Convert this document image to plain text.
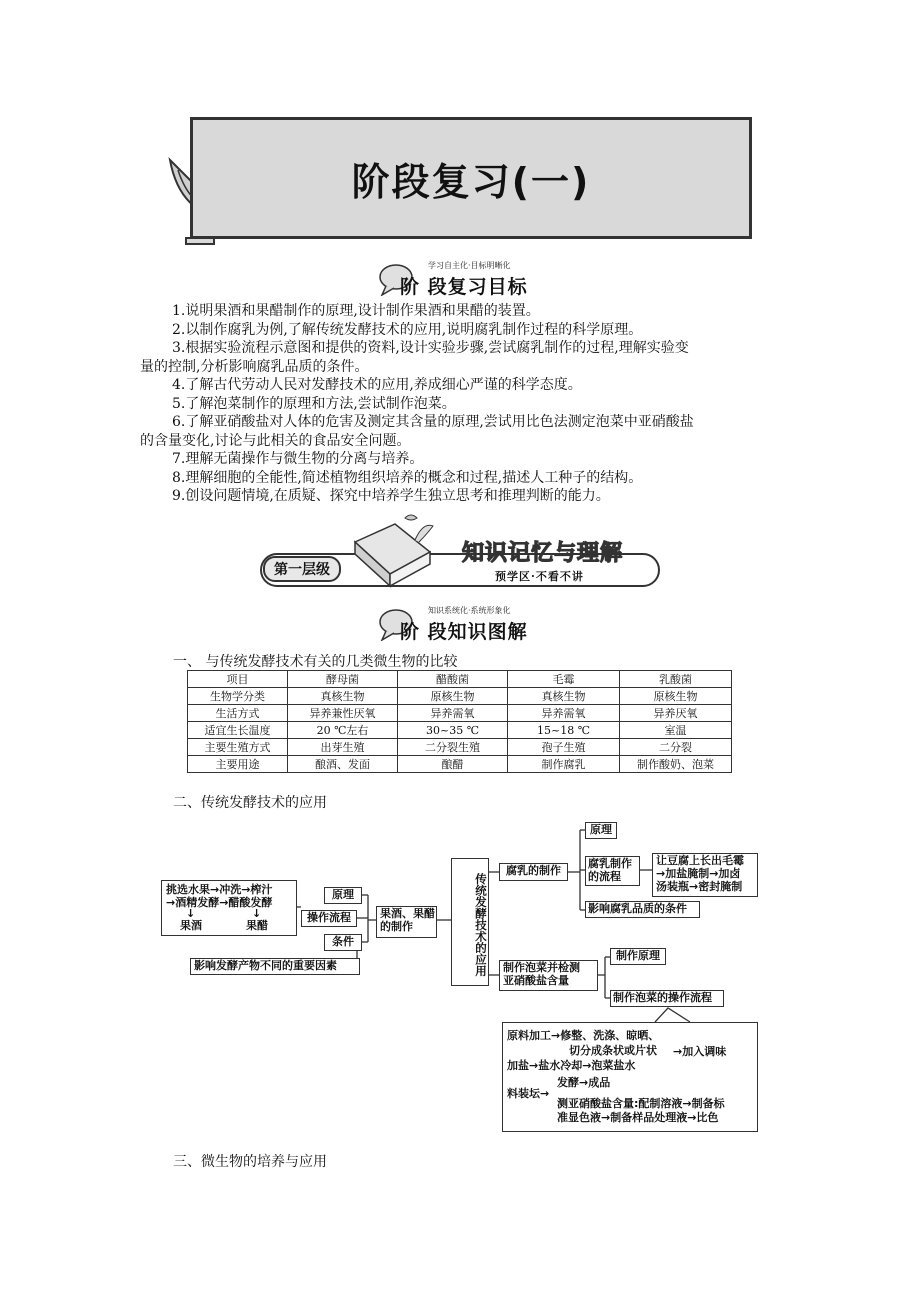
阶段复习(一)
学习自主化·目标明晰化
阶 段复习目标

1.说明果酒和果醋制作的原理,设计制作果酒和果醋的装置。

2.以制作腐乳为例,了解传统发酵技术的应用,说明腐乳制作过程的科学原理。

3.根据实验流程示意图和提供的资料,设计实验步骤,尝试腐乳制作的过程,理解实验变

量的控制,分析影响腐乳品质的条件。

4.了解古代劳动人民对发酵技术的应用,养成细心严谨的科学态度。

5.了解泡菜制作的原理和方法,尝试制作泡菜。

6.了解亚硝酸盐对人体的危害及测定其含量的原理,尝试用比色法测定泡菜中亚硝酸盐

的含量变化,讨论与此相关的食品安全问题。

7.理解无菌操作与微生物的分离与培养。

8.理解细胞的全能性,简述植物组织培养的概念和过程,描述人工种子的结构。

9.创设问题情境,在质疑、探究中培养学生独立思考和推理判断的能力。

第一层级
知识记忆与理解
预学区·不看不讲
知识系统化·系统形象化
阶 段知识图解
一、 与传统发酵技术有关的几类微生物的比较
项目	酵母菌	醋酸菌	毛霉	乳酸菌
生物学分类	真核生物	原核生物	真核生物	原核生物
生活方式	异养兼性厌氧	异养需氧	异养需氧	异养厌氧
适宜生长温度	20 ℃左右	30~35 ℃	15~18 ℃	室温
主要生殖方式	出芽生殖	二分裂生殖	孢子生殖	二分裂
主要用途	酿酒、发面	酿醋	制作腐乳	制作酸奶、泡菜
二、传统发酵技术的应用
挑选水果→冲洗→榨汁
→酒精发酵→醋酸发酵
↓	↓
果酒	果醋
原理
操作流程
条件
影响发酵产物不同的重要因素
果酒、果醋
的制作	传统发酵技术的应用
腐乳的制作
原理
腐乳制作
的流程
让豆腐上长出毛霉
→加盐腌制→加卤
汤装瓶→密封腌制
影响腐乳品质的条件
制作泡菜并检测
亚硝酸盐含量
制作原理
制作泡菜的操作流程
原料加工→修整、洗涤、晾晒、
切分成条状或片状 →加入调味
加盐→盐水冷却→泡菜盐水
发酵→成品
料装坛→
测亚硝酸盐含量:配制溶液→制备标
准显色液→制备样品处理液→比色
三、微生物的培养与应用
